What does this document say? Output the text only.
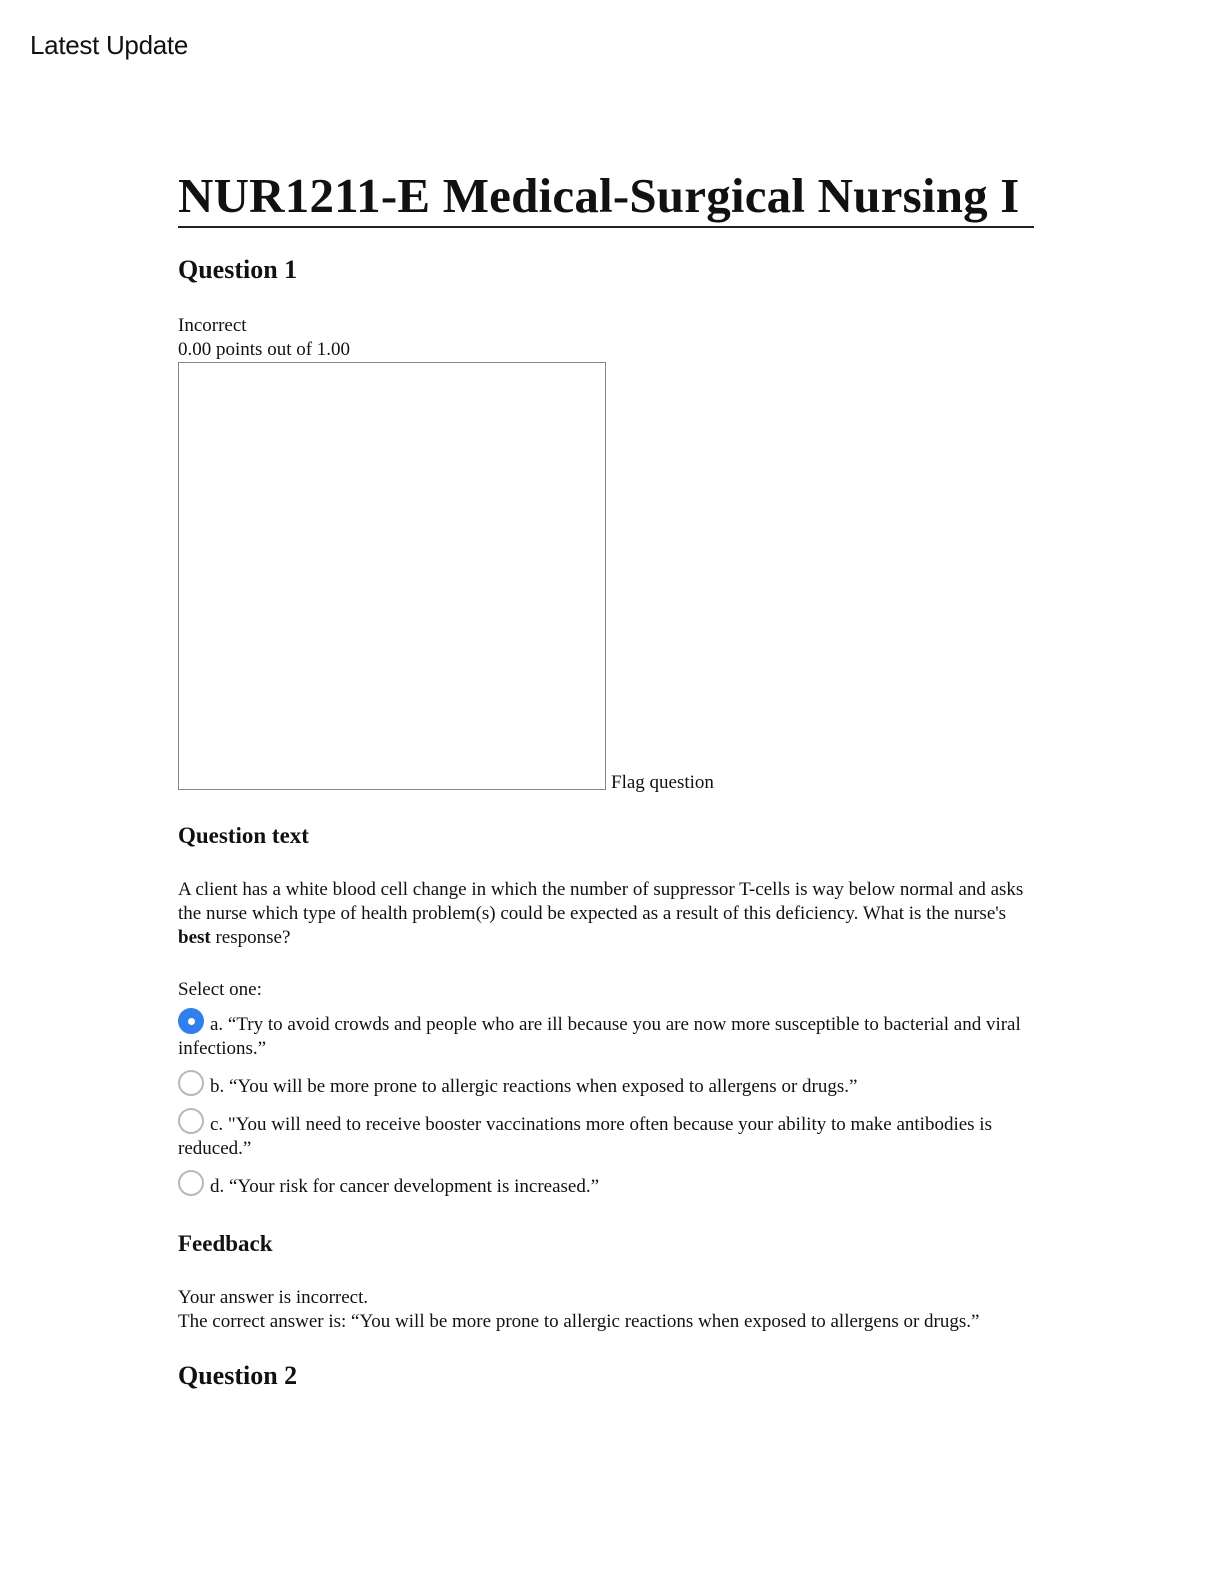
Latest Update
NUR1211-E Medical-Surgical Nursing I
Question 1
Incorrect
0.00 points out of 1.00
Flag question
Question text
A client has a white blood cell change in which the number of suppressor T-cells is way below normal and asks the nurse which type of health problem(s) could be expected as a result of this deficiency. What is the nurse's best response?
Select one:
a. “Try to avoid crowds and people who are ill because you are now more susceptible to bacterial and viral infections.”
b. “You will be more prone to allergic reactions when exposed to allergens or drugs.”
c. "You will need to receive booster vaccinations more often because your ability to make antibodies is reduced.”
d. “Your risk for cancer development is increased.”
Feedback
Your answer is incorrect.
The correct answer is: “You will be more prone to allergic reactions when exposed to allergens or drugs.”
Question 2
